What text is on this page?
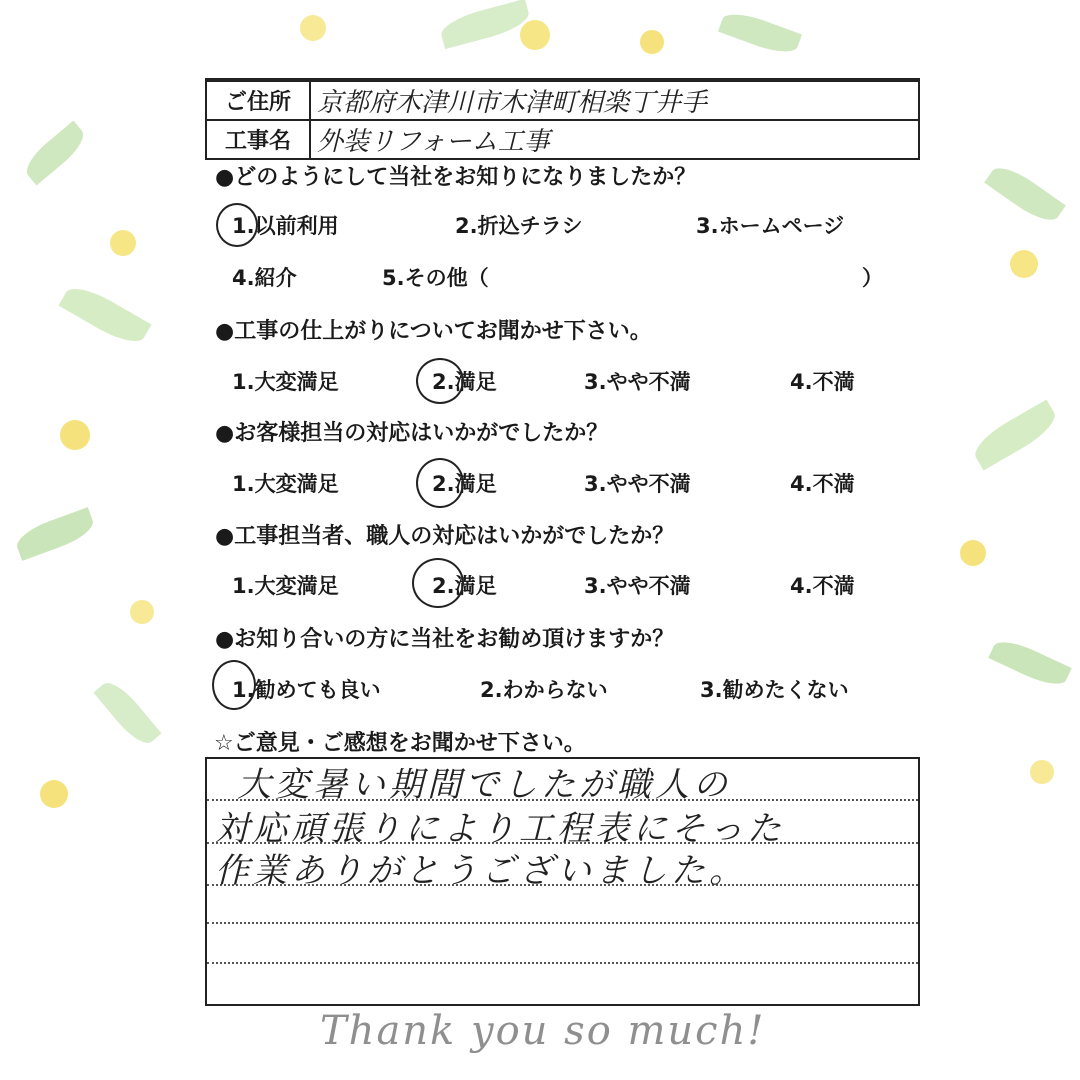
ご住所	京都府木津川市木津町相楽丁井手
工事名	外装リフォーム工事
●どのようにして当社をお知りになりましたか？
1.以前利用	2.折込チラシ	3.ホームページ
4.紹介	5.その他（	）
●工事の仕上がりについてお聞かせ下さい。
1.大変満足	2.満足	3.やや不満	4.不満
●お客様担当の対応はいかがでしたか？
1.大変満足	2.満足	3.やや不満	4.不満
●工事担当者、職人の対応はいかがでしたか？
1.大変満足	2.満足	3.やや不満	4.不満
●お知り合いの方に当社をお勧め頂けますか？
1.勧めても良い	2.わからない	3.勧めたくない
☆ご意見・ご感想をお聞かせ下さい。
大変暑い期間でしたが職人の
対応頑張りにより工程表にそった
作業ありがとうございました。
Thank you so much!
